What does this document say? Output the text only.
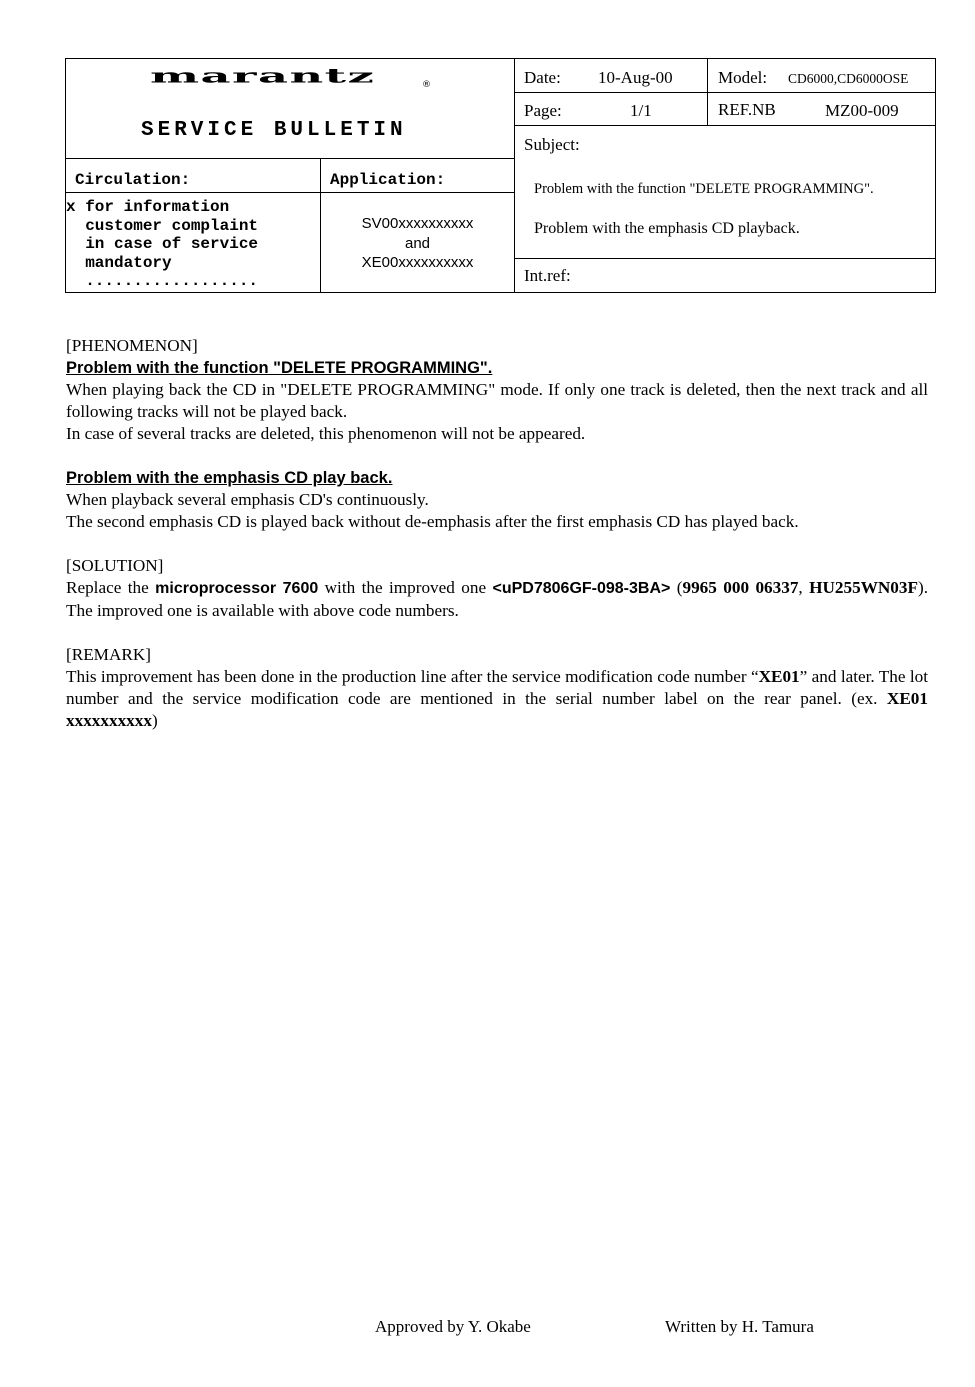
marantz	®
SERVICE BULLETIN
Date: 10-Aug-00	Model: CD6000,CD6000OSE
Page:	1/1	REF.NB	MZ00-009
Subject:
Problem with the function "DELETE PROGRAMMING".
Problem with the emphasis CD playback.
Int.ref:
Circulation:	Application:
x for information
customer complaint
in case of service
mandatory
..................
SV00xxxxxxxxxx
and
XE00xxxxxxxxxx

[PHENOMENON]

Problem with the function "DELETE PROGRAMMING".

When playing back the CD in "DELETE PROGRAMMING" mode. If only one track is deleted, then the next track and all following tracks will not be played back.

In case of several tracks are deleted, this phenomenon will not be appeared.

Problem with the emphasis CD play back.

When playback several emphasis CD's continuously.

The second emphasis CD is played back without de-emphasis after the first emphasis CD has played back.

[SOLUTION]

Replace the microprocessor 7600 with the improved one <uPD7806GF-098-3BA> (9965 000 06337, HU255WN03F). The improved one is available with above code numbers.

[REMARK]

This improvement has been done in the production line after the service modification code number “XE01” and later. The lot number and the service modification code are mentioned in the serial number label on the rear panel. (ex. XE01 xxxxxxxxxx)

Approved by Y. Okabe	Written by H. Tamura
